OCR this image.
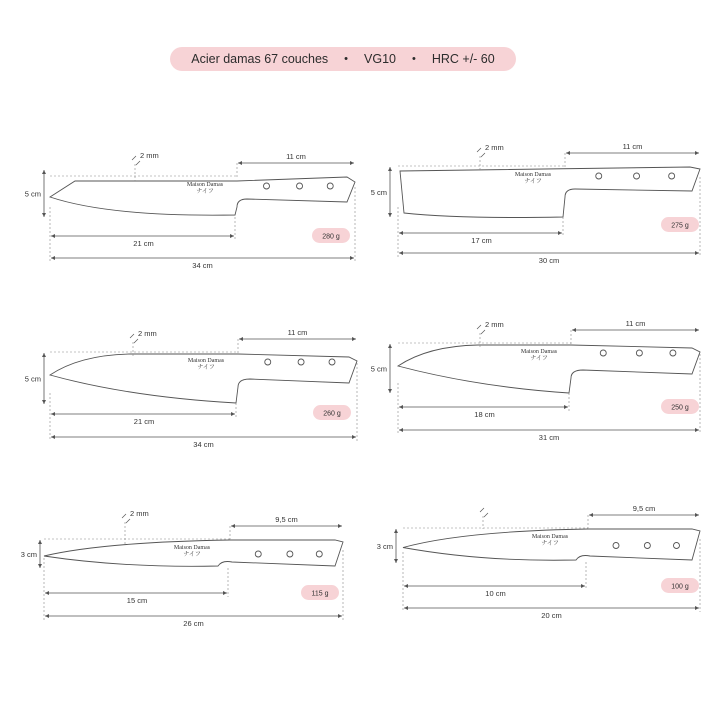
Acier damas 67 couches • VG10 • HRC +/- 60
Maison Damas
ナイフ
11 cm
5 cm
2 mm
21 cm
34 cm
280 g
Maison Damas
ナイフ
11 cm
5 cm
2 mm
17 cm
30 cm
275 g
Maison Damas
ナイフ
11 cm
5 cm
2 mm
21 cm
34 cm
260 g
Maison Damas
ナイフ
11 cm
5 cm
2 mm
18 cm
31 cm
250 g
Maison Damas
ナイフ
9,5 cm
3 cm
2 mm
15 cm
26 cm
115 g
Maison Damas
ナイフ
9,5 cm
3 cm
10 cm
20 cm
100 g
